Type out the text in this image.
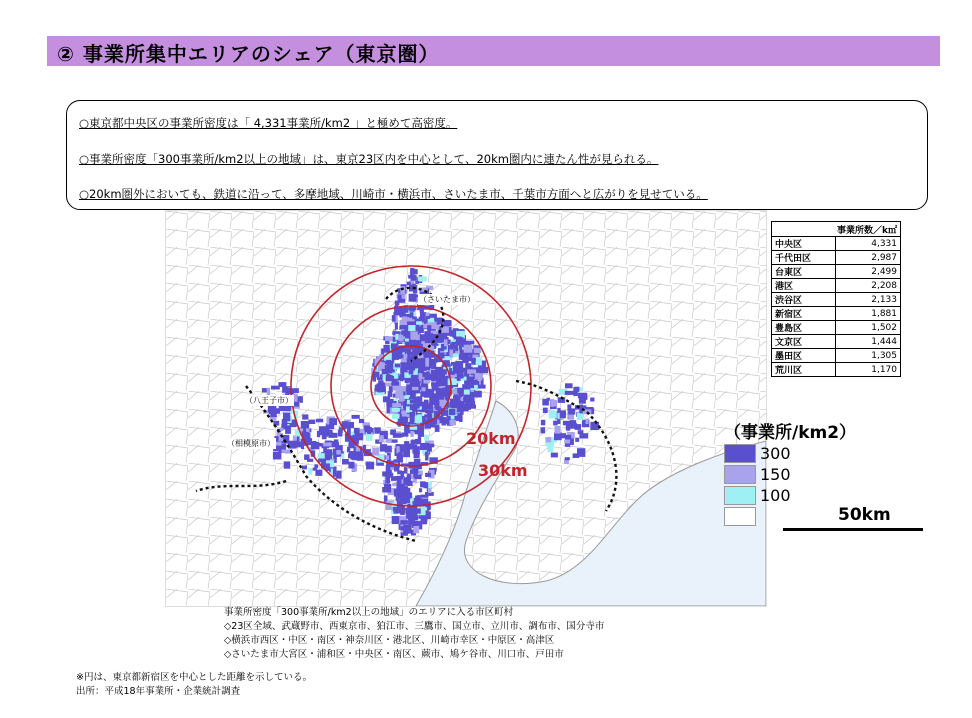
② 事業所集中エリアのシェア（東京圏）

○東京都中央区の事業所密度は「 4,331事業所/km2 」と極めて高密度。

○事業所密度「300事業所/km2以上の地域」は、東京23区内を中心として、20km圏内に連たん性が見られる。

○20km圏外においても、鉄道に沿って、多摩地域、川崎市・横浜市、さいたま市、千葉市方面へと広がりを見せている。

（さいたま市）
（八王子市）
（相模原市）	20km
30km
事業所数／k㎡	
中央区	4,331
千代田区	2,987
台東区	2,499
港区	2,208
渋谷区	2,133
新宿区	1,881
豊島区	1,502
文京区	1,444
墨田区	1,305
荒川区	1,170
（事業所/km2）
300
150
100
50km
事業所密度「300事業所/km2以上の地域」のエリアに入る市区町村
◇23区全域、武蔵野市、西東京市、狛江市、三鷹市、国立市、立川市、調布市、国分寺市
◇横浜市西区・中区・南区・神奈川区・港北区、川崎市幸区・中原区・高津区
◇さいたま市大宮区・浦和区・中央区・南区、蕨市、鳩ケ谷市、川口市、戸田市
※円は、東京都新宿区を中心とした距離を示している。
出所：平成18年事業所・企業統計調査
